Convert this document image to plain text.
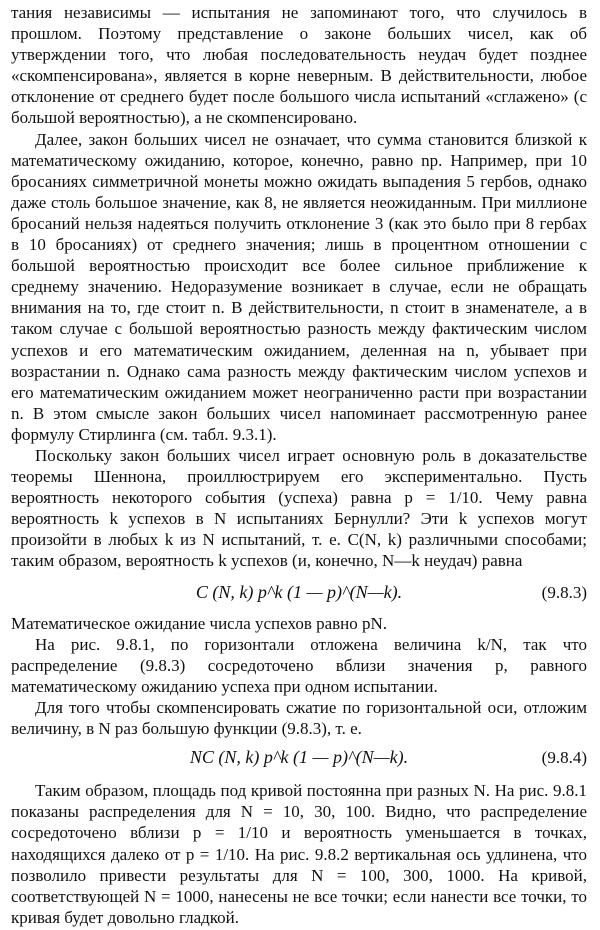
тания независимы — испытания не запоминают того, что случилось в прошлом. Поэтому представление о законе больших чисел, как об утверждении того, что любая последовательность неудач будет позднее «скомпенсирована», является в корне неверным. В действительности, любое отклонение от среднего будет после большого числа испытаний «сглажено» (с большой вероятностью), а не скомпенсировано.

Далее, закон больших чисел не означает, что сумма становится близкой к математическому ожиданию, которое, конечно, равно np. Например, при 10 бросаниях симметричной монеты можно ожидать выпадения 5 гербов, однако даже столь большое значение, как 8, не является неожиданным. При миллионе бросаний нельзя надеяться получить отклонение 3 (как это было при 8 гербах в 10 бросаниях) от среднего значения; лишь в процентном отношении с большой вероятностью происходит все более сильное приближение к среднему значению. Недоразумение возникает в случае, если не обращать внимания на то, где стоит n. В действительности, n стоит в знаменателе, а в таком случае с большой вероятностью разность между фактическим числом успехов и его математическим ожиданием, деленная на n, убывает при возрастании n. Однако сама разность между фактическим числом успехов и его математическим ожиданием может неограниченно расти при возрастании n. В этом смысле закон больших чисел напоминает рассмотренную ранее формулу Стирлинга (см. табл. 9.3.1).

Поскольку закон больших чисел играет основную роль в доказательстве теоремы Шеннона, проиллюстрируем его экспериментально. Пусть вероятность некоторого события (успеха) равна p = 1/10. Чему равна вероятность k успехов в N испытаниях Бернулли? Эти k успехов могут произойти в любых k из N испытаний, т. е. C(N, k) различными способами; таким образом, вероятность k успехов (и, конечно, N—k неудач) равна

C (N, k) p^k (1 — p)^(N—k).	(9.8.3)

Математическое ожидание числа успехов равно pN.

На рис. 9.8.1, по горизонтали отложена величина k/N, так что распределение (9.8.3) сосредоточено вблизи значения p, равного математическому ожиданию успеха при одном испытании.

Для того чтобы скомпенсировать сжатие по горизонтальной оси, отложим величину, в N раз большую функции (9.8.3), т. е.

NC (N, k) p^k (1 — p)^(N—k).	(9.8.4)

Таким образом, площадь под кривой постоянна при разных N. На рис. 9.8.1 показаны распределения для N = 10, 30, 100. Видно, что распределение сосредоточено вблизи p = 1/10 и вероятность уменьшается в точках, находящихся далеко от p = 1/10. На рис. 9.8.2 вертикальная ось удлинена, что позволило привести результаты для N = 100, 300, 1000. На кривой, соответствующей N = 1000, нанесены не все точки; если нанести все точки, то кривая будет довольно гладкой.
